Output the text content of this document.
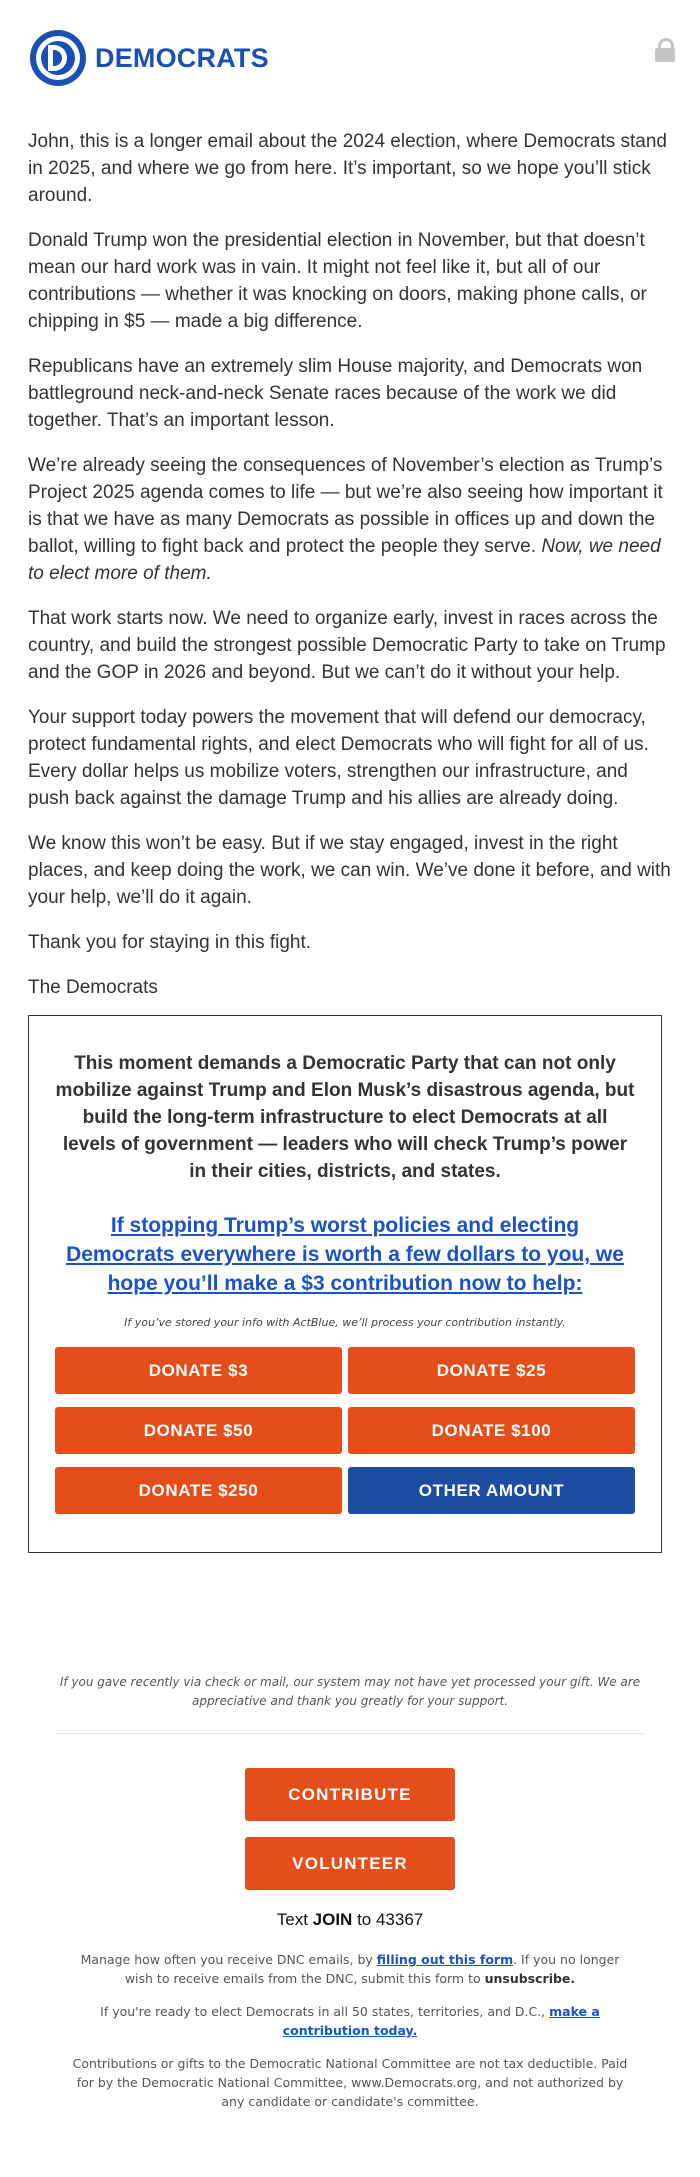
DEMOCRATS

John, this is a longer email about the 2024 election, where Democrats stand in 2025, and where we go from here. It’s important, so we hope you’ll stick around.

Donald Trump won the presidential election in November, but that doesn’t mean our hard work was in vain. It might not feel like it, but all of our contributions — whether it was knocking on doors, making phone calls, or chipping in $5 — made a big difference.

Republicans have an extremely slim House majority, and Democrats won battleground neck-and-neck Senate races because of the work we did together. That’s an important lesson.

We’re already seeing the consequences of November’s election as Trump’s Project 2025 agenda comes to life — but we’re also seeing how important it is that we have as many Democrats as possible in offices up and down the ballot, willing to fight back and protect the people they serve. Now, we need to elect more of them.

That work starts now. We need to organize early, invest in races across the country, and build the strongest possible Democratic Party to take on Trump and the GOP in 2026 and beyond. But we can’t do it without your help.

Your support today powers the movement that will defend our democracy, protect fundamental rights, and elect Democrats who will fight for all of us. Every dollar helps us mobilize voters, strengthen our infrastructure, and push back against the damage Trump and his allies are already doing.

We know this won’t be easy. But if we stay engaged, invest in the right places, and keep doing the work, we can win. We’ve done it before, and with your help, we’ll do it again.

Thank you for staying in this fight.

The Democrats

This moment demands a Democratic Party that can not only mobilize against Trump and Elon Musk’s disastrous agenda, but build the long-term infrastructure to elect Democrats at all levels of government — leaders who will check Trump’s power in their cities, districts, and states.
If stopping Trump’s worst policies and electing Democrats everywhere is worth a few dollars to you, we hope you’ll make a $3 contribution now to help:
If you’ve stored your info with ActBlue, we’ll process your contribution instantly.
DONATE $3	DONATE $25
DONATE $50	DONATE $100
DONATE $250	OTHER AMOUNT
If you gave recently via check or mail, our system may not have yet processed your gift. We are appreciative and thank you greatly for your support.
CONTRIBUTE
VOLUNTEER
Text JOIN to 43367
Manage how often you receive DNC emails, by filling out this form. If you no longer wish to receive emails from the DNC, submit this form to unsubscribe.
If you're ready to elect Democrats in all 50 states, territories, and D.C., make a contribution today.
Contributions or gifts to the Democratic National Committee are not tax deductible. Paid for by the Democratic National Committee, www.Democrats.org, and not authorized by any candidate or candidate's committee.
